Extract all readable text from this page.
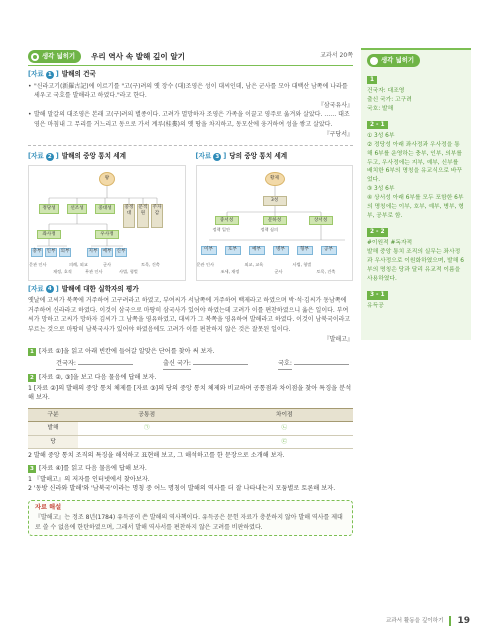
생각 넓히기 우리 역사 속 발해 깊이 알기	교과서 20쪽
[ 자료 1 ] 발해의 건국
• "신라고기(新羅古記)에 이르기를 "고(구)려의 옛 장수 (대)조영은 성이 대씨인데, 남은 군사를 모아 대백산 남쪽에 나라를 세우고 국호를 발해라고 하였다."라고 한다.
『삼국유사』
• 발해 말갈의 대조영은 본래 고(구)려의 별종이다. 고려가 멸망하자 조영은 가족을 이끌고 영주로 옮겨와 살았다. …… 대조영은 마침내 그 무리를 거느리고 동으로 가서 계루(桂婁)의 옛 땅을 차지하고, 동모산에 웅거하여 성을 쌓고 살았다.
『구당서』
[ 자료 2 ] 발해의 중앙 통치 세계
왕
정당성	선조성	중대성	중정대
문적원
주자감
좌사정	우사정
충부	인부	의부	지부	예부	신부
문관 인사
재정, 호적
의례, 외교
무관 인사
군사
사법, 형벌
토목, 건축
[ 자료 3 ] 당의 중앙 통치 세계
황제
3성
중서성	문하성	상서성
정책 입안	정책 심의
이부	호부	예부	병부	형부	공부
문관 인사
조세, 재정
외교, 교육
군사
사법, 형벌
토목, 건축
[ 자료 4 ] 발해에 대한 실학자의 평가
옛날에 고씨가 북쪽에 거주하여 고구려라고 하였고, 부여씨가 서남쪽에 거주하여 백제라고 하였으며 박·석·김씨가 동남쪽에 거주하여 신라라고 하였다. 이것이 삼국으로 마땅히 삼국사가 있어야 하였는데 고려가 이를 편찬하였으니 옳은 일이다. 부여씨가 망하고 고씨가 망하자 김씨가 그 남쪽을 영유하였고, 대씨가 그 북쪽을 영유하여 발해라고 하였다. 이것이 남북국이라고 부르는 것으로 마땅히 남북국사가 있어야 하였음에도 고려가 이를 편찬하지 않은 것은 잘못된 일이다.
『발해고』
1 [자료 ①]을 읽고 아래 빈칸에 들어갈 알맞은 단어를 찾아 써 보자.
건국자:	출신 국가:	국호:
2 [자료 ②, ③]을 보고 다음 물음에 답해 보자.
1 [자료 ②]의 발해의 중앙 통치 체제를 [자료 ③]의 당의 중앙 통치 체제와 비교하며 공통점과 차이점을 찾아 특징을 분석해 보자.
구분	공통점	차이점
발해	㉠	㉡
당		㉢
2 발해 중앙 통치 조직의 특징을 해석하고 표현해 보고, 그 해석하고를 한 문장으로 소개해 보자.
3 [자료 ④]를 읽고 다음 물음에 답해 보자.
1 『발해고』의 저자를 인터넷에서 찾아보자.
2 '동방 신라와 발해'와 '남북국'이라는 명칭 중 어느 명칭이 발해의 역사를 더 잘 나타내는지 모둠별로 토론해 보자.
자료 해설
『발해고』는 정조 8년(1784) 유득공이 쓴 발해의 역사책이다. 유득공은 문헌 자료가 충분하지 않아 발해 역사를 제대로 쓸 수 없음에 한탄하였으며, 그래서 발해 역사서를 편찬하지 않은 고려를 비판하였다.
생각 넓히기
1
건국자: 대조영
출신 국가: 고구려
국호: 발해
2 - 1
① 3성 6부
② 정당성 아래 좌사정과 우사정을 통해 6부를 운영하는 충부, 인부, 의부를 두고, 우사정에는 지부, 예부, 신부를 배치한 6부의 명칭을 유교식으로 바꾸었다.
③ 3성 6부
④ 상서성 아래 6부를 모두 포함한 6부의 명칭에는 이부, 호부, 예부, 병부, 형부, 공부로 함.
2 - 2
#이원적 #독자적
발해 중앙 통치 조직의 실무는 좌사정과 우사정으로 이원화하였으며, 발해 6부의 명칭은 당과 달리 유교적 이름을 사용하였다.
3 - 1
유득공
교과서 활동을 깊이하기 19
